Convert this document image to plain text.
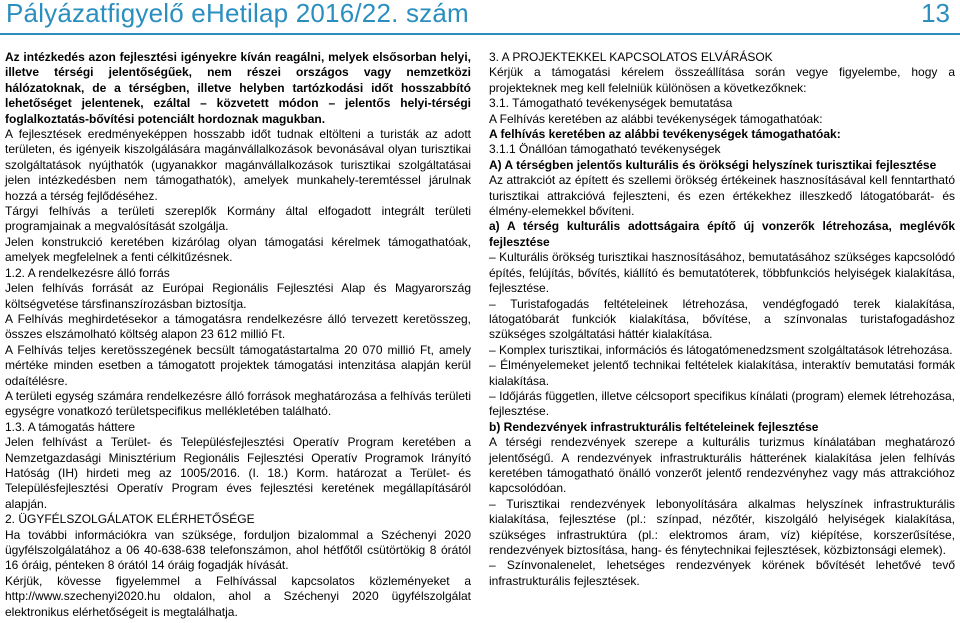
Pályázatfigyelő eHetilap 2016/22. szám	13

Az intézkedés azon fejlesztési igényekre kíván reagálni, melyek elsősorban helyi, illetve térségi jelentőségűek, nem részei országos vagy nemzetközi hálózatoknak, de a térségben, illetve helyben tartózkodási időt hosszabbító lehetőséget jelentenek, ezáltal – közvetett módon – jelentős helyi-térségi foglalkoztatás-bővítési potenciált hordoznak magukban.

A fejlesztések eredményeképpen hosszabb időt tudnak eltölteni a turisták az adott területen, és igényeik kiszolgálására magánvállalkozások bevonásával olyan turisztikai szolgáltatások nyújthatók (ugyanakkor magánvállalkozások turisztikai szolgáltatásai jelen intézkedésben nem támogathatók), amelyek munkahely-teremtéssel járulnak hozzá a térség fejlődéséhez.

Tárgyi felhívás a területi szereplők Kormány által elfogadott integrált területi programjainak a megvalósítását szolgálja.

Jelen konstrukció keretében kizárólag olyan támogatási kérelmek támogathatóak, amelyek megfelelnek a fenti célkitűzésnek.

1.2. A rendelkezésre álló forrás

Jelen felhívás forrását az Európai Regionális Fejlesztési Alap és Magyarország költségvetése társfinanszírozásban biztosítja.

A Felhívás meghirdetésekor a támogatásra rendelkezésre álló tervezett keretösszeg, összes elszámolható költség alapon 23 612 millió Ft.

A Felhívás teljes keretösszegének becsült támogatástartalma 20 070 millió Ft, amely mértéke minden esetben a támogatott projektek támogatási intenzitása alapján kerül odaítélésre.

A területi egység számára rendelkezésre álló források meghatározása a felhívás területi egységre vonatkozó területspecifikus mellékletében található.

1.3. A támogatás háttere

Jelen felhívást a Terület- és Településfejlesztési Operatív Program keretében a Nemzetgazdasági Minisztérium Regionális Fejlesztési Operatív Programok Irányító Hatóság (IH) hirdeti meg az 1005/2016. (I. 18.) Korm. határozat a Terület- és Településfejlesztési Operatív Program éves fejlesztési keretének megállapításáról alapján.

2. ÜGYFÉLSZOLGÁLATOK ELÉRHETŐSÉGE

Ha további információkra van szüksége, forduljon bizalommal a Széchenyi 2020 ügyfélszolgálatához a 06 40-638-638 telefonszámon, ahol hétfőtől csütörtökig 8 órától 16 óráig, pénteken 8 órától 14 óráig fogadják hívását.

Kérjük, kövesse figyelemmel a Felhívással kapcsolatos közleményeket a http://www.szechenyi2020.hu oldalon, ahol a Széchenyi 2020 ügyfélszolgálat elektronikus elérhetőségeit is megtalálhatja.

3. A PROJEKTEKKEL KAPCSOLATOS ELVÁRÁSOK

Kérjük a támogatási kérelem összeállítása során vegye figyelembe, hogy a projekteknek meg kell felelniük különösen a következőknek:

3.1. Támogatható tevékenységek bemutatása

A Felhívás keretében az alábbi tevékenységek támogathatóak:

A felhívás keretében az alábbi tevékenységek támogathatóak:

3.1.1 Önállóan támogatható tevékenységek

A) A térségben jelentős kulturális és örökségi helyszínek turisztikai fejlesztése

Az attrakciót az épített és szellemi örökség értékeinek hasznosításával kell fenntartható turisztikai attrakcióvá fejleszteni, és ezen értékekhez illeszkedő látogatóbarát- és élmény-elemekkel bővíteni.

a) A térség kulturális adottságaira építő új vonzerők létrehozása, meglévők fejlesztése

– Kulturális örökség turisztikai hasznosításához, bemutatásához szükséges kapcsolódó építés, felújítás, bővítés, kiállító és bemutatóterek, többfunkciós helyiségek kialakítása, fejlesztése.

– Turistafogadás feltételeinek létrehozása, vendégfogadó terek kialakítása, látogatóbarát funkciók kialakítása, bővítése, a színvonalas turistafogadáshoz szükséges szolgáltatási háttér kialakítása.

– Komplex turisztikai, információs és látogatómenedzsment szolgáltatások létrehozása.

– Élményelemeket jelentő technikai feltételek kialakítása, interaktív bemutatási formák kialakítása.

– Időjárás független, illetve célcsoport specifikus kínálati (program) elemek létrehozása, fejlesztése.

b) Rendezvények infrastrukturális feltételeinek fejlesztése

A térségi rendezvények szerepe a kulturális turizmus kínálatában meghatározó jelentőségű. A rendezvények infrastrukturális hátterének kialakítása jelen felhívás keretében támogatható önálló vonzerőt jelentő rendezvényhez vagy más attrakcióhoz kapcsolódóan.

– Turisztikai rendezvények lebonyolítására alkalmas helyszínek infrastrukturális kialakítása, fejlesztése (pl.: színpad, nézőtér, kiszolgáló helyiségek kialakítása, szükséges infrastruktúra (pl.: elektromos áram, víz) kiépítése, korszerűsítése, rendezvények biztosítása, hang- és fénytechnikai fejlesztések, közbiztonsági elemek).

– Színvonalenelet, lehetséges rendezvények körének bővítését lehetővé tevő infrastrukturális fejlesztések.
